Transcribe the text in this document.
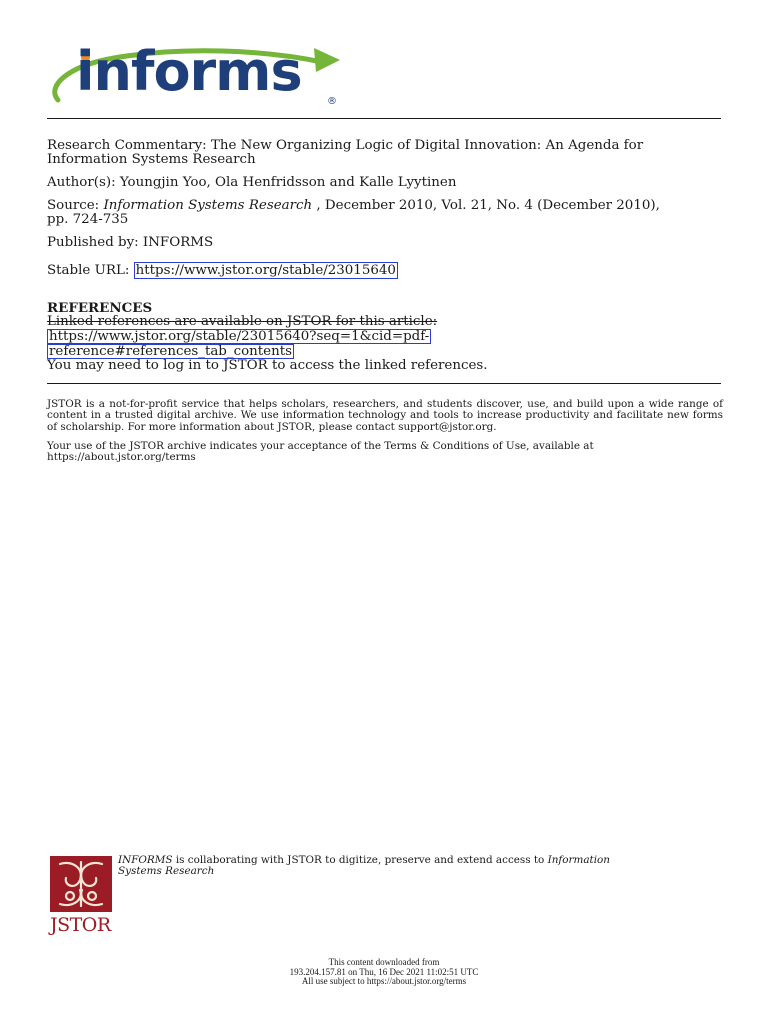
informs	®
Research Commentary: The New Organizing Logic of Digital Innovation: An Agenda for
Information Systems Research
Author(s): Youngjin Yoo, Ola Henfridsson and Kalle Lyytinen
Source: Information Systems Research , December 2010, Vol. 21, No. 4 (December 2010),
pp. 724-735
Published by: INFORMS
Stable URL: https://www.jstor.org/stable/23015640
REFERENCES
Linked references are available on JSTOR for this article:
https://www.jstor.org/stable/23015640?seq=1&cid=pdf-
reference#references_tab_contents
You may need to log in to JSTOR to access the linked references.
JSTOR is a not-for-profit service that helps scholars, researchers, and students discover, use, and build upon a wide range of content in a trusted digital archive. We use information technology and tools to increase productivity and facilitate new forms of scholarship. For more information about JSTOR, please contact support@jstor.org.
Your use of the JSTOR archive indicates your acceptance of the Terms & Conditions of Use, available at
https://about.jstor.org/terms
JSTOR
INFORMS is collaborating with JSTOR to digitize, preserve and extend access to Information
Systems Research
This content downloaded from
193.204.157.81 on Thu, 16 Dec 2021 11:02:51 UTC
All use subject to https://about.jstor.org/terms
